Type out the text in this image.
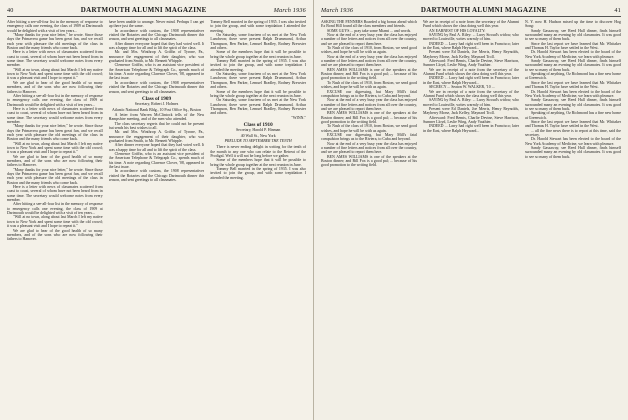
40	DARTMOUTH ALUMNI MAGAZINE	March 1936

After hitting a see-all-four list in the memory of response to emergency calls one evening, the class of 1909 at Dartmouth would be delighted with a visit of ten years...

"Many thanks for your nice letter," he wrote. Since those days the Primavera game has been great fun, and we recall each year with pleasure the old meetings of the class in Boston and the many friends who come back.

Here is a letter with news of classmates scattered from coast to coast, several of whom have not been heard from in some time. The secretary would welcome notes from every member.

"Will at no town, along about last March I left my native town to New York and spent some time with the old crowd; it was a pleasant visit and I hope to repeat it."

We are glad to hear of the good health of so many members, and of the sons who are now following their fathers to Hanover.

After hitting a see-all-four list in the memory of response to emergency calls one evening, the class of 1909 at Dartmouth would be delighted with a visit of ten years...

Here is a letter with news of classmates scattered from coast to coast, several of whom have not been heard from in some time. The secretary would welcome notes from every member.

"Many thanks for your nice letter," he wrote. Since those days the Primavera game has been great fun, and we recall each year with pleasure the old meetings of the class in Boston and the many friends who come back.

"Will at no town, along about last March I left my native town to New York and spent some time with the old crowd; it was a pleasant visit and I hope to repeat it."

We are glad to hear of the good health of so many members, and of the sons who are now following their fathers to Hanover.

"Many thanks for your nice letter," he wrote. Since those days the Primavera game has been great fun, and we recall each year with pleasure the old meetings of the class in Boston and the many friends who come back.

Here is a letter with news of classmates scattered from coast to coast, several of whom have not been heard from in some time. The secretary would welcome notes from every member.

After hitting a see-all-four list in the memory of response to emergency calls one evening, the class of 1909 at Dartmouth would be delighted with a visit of ten years...

"Will at no town, along about last March I left my native town to New York and spent some time with the old crowd; it was a pleasant visit and I hope to repeat it."

We are glad to hear of the good health of so many members, and of the sons who are now following their fathers to Hanover.

have been unable to arrange. Never mind. Perhaps I can get up there just the same.

In accordance with custom, the 1908 representatives visited the Rotaries and the Chicago Dartmouth dinner this season, and sent greetings to all classmates.

After dinner everyone hoped that they had voted well. It was a happy time for all and to lift the spirit of the class.

Mr. and Mrs. Winthrop A. Griffin of Tyrone, Pa., announce the engagement of their daughter, who was graduated from Smith, to Mr. Bennett Whipple.

Clemence Griffin, who is an assistant vice president of the American Telephone & Telegraph Co., spends much of his time. A note regarding Clarence Clover, '08, appeared in the last issue.

In accordance with custom, the 1908 representatives visited the Rotaries and the Chicago Dartmouth dinner this season, and sent greetings to all classmates.

Class of 1909
Secretary, Robert J. Holmes
Atlantic National Bank Bldg., 10 Post Office Sq., Boston

A letter from Warren McClintock tells of the New Hampshire meeting, and of the men who attended.

The class secretary regrets that he could not be present but sends his best wishes to all.

Mr. and Mrs. Winthrop A. Griffin of Tyrone, Pa., announce the engagement of their daughter, who was graduated from Smith, to Mr. Bennett Whipple.

After dinner everyone hoped that they had voted well. It was a happy time for all and to lift the spirit of the class.

Clemence Griffin, who is an assistant vice president of the American Telephone & Telegraph Co., spends much of his time. A note regarding Clarence Clover, '08, appeared in the last issue.

In accordance with custom, the 1908 representatives visited the Rotaries and the Chicago Dartmouth dinner this season, and sent greetings to all classmates.

Tommy Bell married in the spring of 1935. I was also invited to join the group, and with some trepidation I attended the meeting.

On Saturday, some fourteen of us met at the New York Luncheon; there were present Ralph Drummond, Arthur Thompson, Ben Parker, Lemuel Bradley, Rodney Brewster and others.

Some of the members hope that it will be possible to bring the whole group together at the next reunion in June.

Tommy Bell married in the spring of 1935. I was also invited to join the group, and with some trepidation I attended the meeting.

On Saturday, some fourteen of us met at the New York Luncheon; there were present Ralph Drummond, Arthur Thompson, Ben Parker, Lemuel Bradley, Rodney Brewster and others.

Some of the members hope that it will be possible to bring the whole group together at the next reunion in June.

On Saturday, some fourteen of us met at the New York Luncheon; there were present Ralph Drummond, Arthur Thompson, Ben Parker, Lemuel Bradley, Rodney Brewster and others.

"WINN."
Class of 1910
Secretary, Harold P. Hinman
40 Wall St., New York
PRELUDE TO SEPTEMBER THE TENTH

There is never ending delight in writing for the tenth of the month to any one who can relate to the Retreat of the Prodigal. Well it will not be long before we gather.

Some of the members hope that it will be possible to bring the whole group together at the next reunion in June.

Tommy Bell married in the spring of 1935. I was also invited to join the group, and with some trepidation I attended the meeting.

March 1936	DARTMOUTH ALUMNI MAGAZINE	41

ASKING THE FENNERS Boarded a big bonus ahead which Ex Bond Hill found all the class members and friends.

SOME GUYS ... pray take some Miami ... and words.

Now at the end of a very busy year the class has enjoyed a number of fine letters and notices from all over the country, and we are pleased to report them here.

To Nash of the class of 1910, from Boston, we send good wishes, and hope he will be with us again.

Now at the end of a very busy year the class has enjoyed a number of fine letters and notices from all over the country, and we are pleased to report them here.

BEN AMES WILLIAMS is one of the speakers at the Boston dinner; and Bill Fox is a good pal; ... because of his good promotion to the writing field.

To Nash of the class of 1910, from Boston, we send good wishes, and hope he will be with us again.

EXCUSE our digressing, but Mary Mill's fatal compulsion brings us to the Riviera, to Cuba and beyond.

Now at the end of a very busy year the class has enjoyed a number of fine letters and notices from all over the country, and we are pleased to report them here.

BEN AMES WILLIAMS is one of the speakers at the Boston dinner; and Bill Fox is a good pal; ... because of his good promotion to the writing field.

To Nash of the class of 1910, from Boston, we send good wishes, and hope he will be with us again.

EXCUSE our digressing, but Mary Mill's fatal compulsion brings us to the Riviera, to Cuba and beyond.

Now at the end of a very busy year the class has enjoyed a number of fine letters and notices from all over the country, and we are pleased to report them here.

BEN AMES WILLIAMS is one of the speakers at the Boston dinner; and Bill Fox is a good pal; ... because of his good promotion to the writing field.

We are in receipt of a note from the secretary of the Alumni Fund which shows the class doing well this year.

AN EARNEST OF HIS LOYALTY:

SAYING by Paul A. Riley: ... Larry Stroud's widow, who moved to Louisville, writes warmly of him.

INDEED ... Larry had right well been in Francisco; later in the East, where Ralph Heyward...

Present were Ed Daniels, Joe Merris, Henry Reynolds, Mayberry Morse, Jack Kelley, Maynard Troll.

Afterward: Fred Bemis, Charlie Devine, Steve Harrison, Sumner Lloyd, Leslie Wing, Andy Vauthier.

We are in receipt of a note from the secretary of the Alumni Fund which shows the class doing well this year.

INDEED ... Larry had right well been in Francisco; later in the East, where Ralph Heyward...

SECRECY ... Seaton W. WALKER, '10 ...

We are in receipt of a note from the secretary of the Alumni Fund which shows the class doing well this year.

SAYING by Paul A. Riley: ... Larry Stroud's widow, who moved to Louisville, writes warmly of him.

Present were Ed Daniels, Joe Merris, Henry Reynolds, Mayberry Morse, Jack Kelley, Maynard Troll.

Afterward: Fred Bemis, Charlie Devine, Steve Harrison, Sumner Lloyd, Leslie Wing, Andy Vauthier.

INDEED ... Larry had right well been in Francisco; later in the East, where Ralph Heyward...

N. Y. now H. Hudson mixed up the time to discover Hog Song:

Sandy Gassaway, see Reed Hall dinner, finds himself surrounded many an evening by old classmates. It was good to see so many of them back.

Since the last report we have learned that Mr. Whitaker and Thomas H. Taylor have settled in the West.

Dr. Harold Stewart has been elected to the board of the New York Academy of Medicine, we learn with pleasure.

Sandy Gassaway, see Reed Hall dinner, finds himself surrounded many an evening by old classmates. It was good to see so many of them back.

Speaking of anything, Oz Richmond has a fine new home at Greenwich.

Since the last report we have learned that Mr. Whitaker and Thomas H. Taylor have settled in the West.

Dr. Harold Stewart has been elected to the board of the New York Academy of Medicine, we learn with pleasure.

Sandy Gassaway, see Reed Hall dinner, finds himself surrounded many an evening by old classmates. It was good to see so many of them back.

Speaking of anything, Oz Richmond has a fine new home at Greenwich.

Since the last report we have learned that Mr. Whitaker and Thomas H. Taylor have settled in the West.

... all the fine news there is to report at this time, said the secretary.

Dr. Harold Stewart has been elected to the board of the New York Academy of Medicine, we learn with pleasure.

Sandy Gassaway, see Reed Hall dinner, finds himself surrounded many an evening by old classmates. It was good to see so many of them back.
